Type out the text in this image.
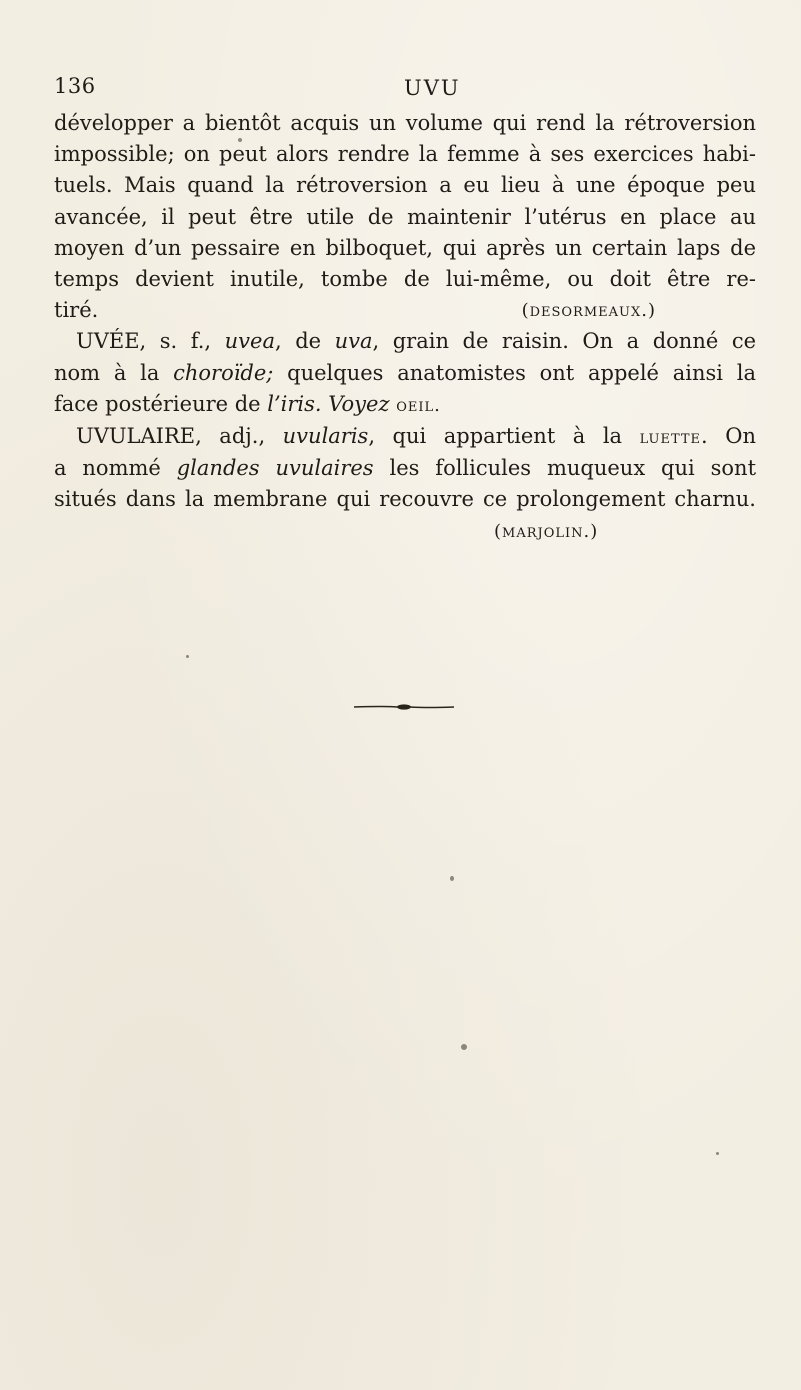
136	UVU
développer a bientôt acquis un volume qui rend la rétroversion
impossible; on peut alors rendre la femme à ses exercices habi-
tuels. Mais quand la rétroversion a eu lieu à une époque peu
avancée, il peut être utile de maintenir l’utérus en place au
moyen d’un pessaire en bilboquet, qui après un certain laps de
temps devient inutile, tombe de lui-même, ou doit être re-
tiré.	(desormeaux.)
UVÉE, s. f., uvea, de uva, grain de raisin. On a donné ce
nom à la choroïde; quelques anatomistes ont appelé ainsi la
face postérieure de l’iris. Voyez oeil.
UVULAIRE, adj., uvularis, qui appartient à la luette. On
a nommé glandes uvulaires les follicules muqueux qui sont
situés dans la membrane qui recouvre ce prolongement charnu.
(marjolin.)
